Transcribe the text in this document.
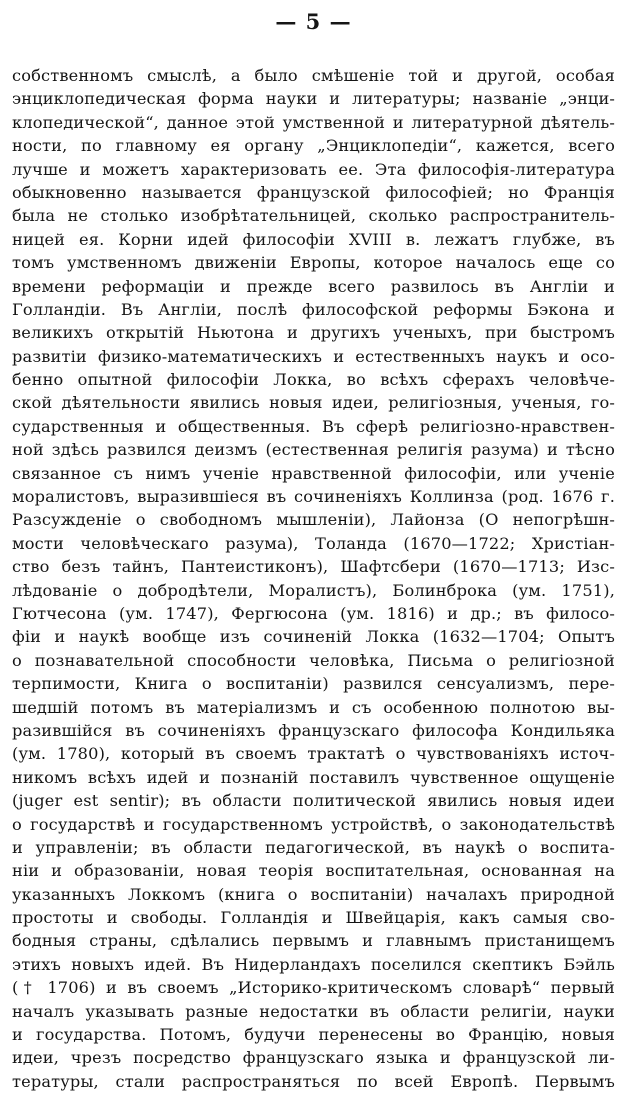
— 5 —
собственномъ смыслѣ, а было смѣшеніе той и другой, особая
энциклопедическая форма науки и литературы; названіе „энци-
клопедической“, данное этой умственной и литературной дѣятель-
ности, по главному ея органу „Энциклопедіи“, кажется, всего
лучше и можетъ характеризовать ее. Эта философія-литература
обыкновенно называется французской философіей; но Франція
была не столько изобрѣтательницей, сколько распространитель-
ницей ея. Корни идей философіи XVIII в. лежатъ глубже, въ
томъ умственномъ движеніи Европы, которое началось еще со
времени реформаціи и прежде всего развилось въ Англіи и
Голландіи. Въ Англіи, послѣ философской реформы Бэкона и
великихъ открытій Ньютона и другихъ ученыхъ, при быстромъ
развитіи физико-математическихъ и естественныхъ наукъ и осо-
бенно опытной философіи Локка, во всѣхъ сферахъ человѣче-
ской дѣятельности явились новыя идеи, религіозныя, ученыя, го-
сударственныя и общественныя. Въ сферѣ религіозно-нравствен-
ной здѣсь развился деизмъ (естественная религія разума) и тѣсно
связанное съ нимъ ученіе нравственной философіи, или ученіе
моралистовъ, выразившіеся въ сочиненіяхъ Коллинза (род. 1676 г.
Разсужденіе о свободномъ мышленіи), Лайонза (О непогрѣшн-
мости человѣческаго разума), Толанда (1670—1722; Христіан-
ство безъ тайнъ, Пантеистиконъ), Шафтсбери (1670—1713; Изс-
лѣдованіе о добродѣтели, Моралистъ), Болинброка (ум. 1751),
Гютчесона (ум. 1747), Фергюсона (ум. 1816) и др.; въ филосо-
фіи и наукѣ вообще изъ сочиненій Локка (1632—1704; Опытъ
о познавательной способности человѣка, Письма о религіозной
терпимости, Книга о воспитаніи) развился сенсуализмъ, пере-
шедшій потомъ въ матеріализмъ и съ особенною полнотою вы-
разившійся въ сочиненіяхъ французскаго философа Кондильяка
(ум. 1780), который въ своемъ трактатѣ о чувствованіяхъ источ-
никомъ всѣхъ идей и познаній поставилъ чувственное ощущеніе
(juger est sentir); въ области политической явились новыя идеи
о государствѣ и государственномъ устройствѣ, о законодательствѣ
и управленіи; въ области педагогической, въ наукѣ о воспита-
ніи и образованіи, новая теорія воспитательная, основанная на
указанныхъ Локкомъ (книга о воспитаніи) началахъ природной
простоты и свободы. Голландія и Швейцарія, какъ самыя сво-
бодныя страны, сдѣлались первымъ и главнымъ пристанищемъ
этихъ новыхъ идей. Въ Нидерландахъ поселился скептикъ Бэйль
(† 1706) и въ своемъ „Историко-критическомъ словарѣ“ первый
началъ указывать разные недостатки въ области религіи, науки
и государства. Потомъ, будучи перенесены во Францію, новыя
идеи, чрезъ посредство французскаго языка и французской ли-
тературы, стали распространяться по всей Европѣ. Первымъ
